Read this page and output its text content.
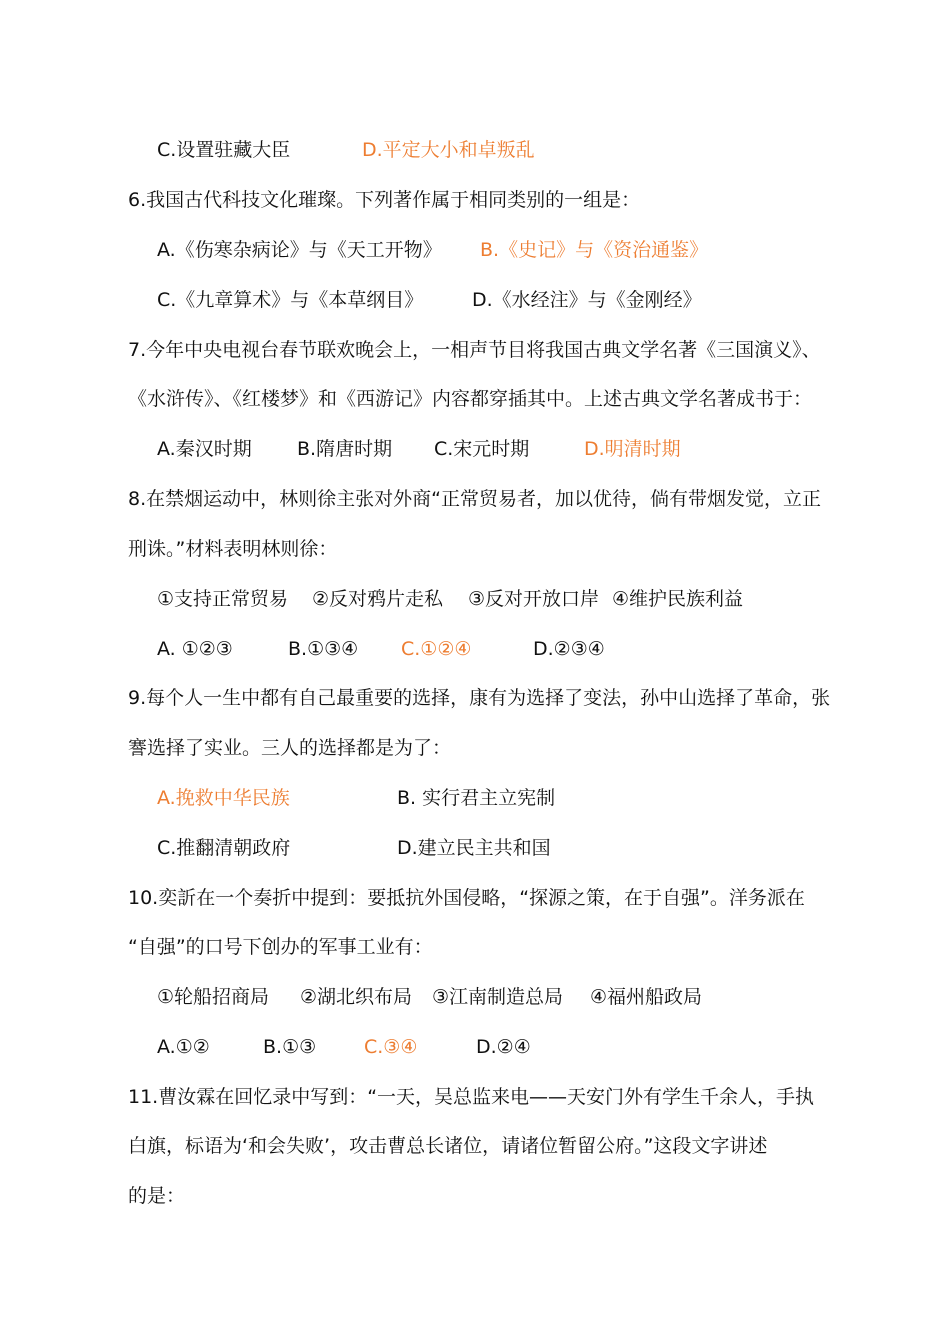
C.设置驻藏大臣	D.平定大小和卓叛乱
6.我国古代科技文化璀璨。下列著作属于相同类别的一组是：
A.《伤寒杂病论》与《天工开物》 B.《史记》与《资治通鉴》
C.《九章算术》与《本草纲目》	D.《水经注》与《金刚经》
7.今年中央电视台春节联欢晚会上，一相声节目将我国古典文学名著《三国演义》、
《水浒传》、《红楼梦》和《西游记》内容都穿插其中。上述古典文学名著成书于：
A.秦汉时期 B.隋唐时期 C.宋元时期	D.明清时期
8.在禁烟运动中，林则徐主张对外商“正常贸易者，加以优待，倘有带烟发觉，立正
刑诛。”材料表明林则徐：
①支持正常贸易 ②反对鸦片走私 ③反对开放口岸 ④维护民族利益
A. ①②③	B.①③④ C.①②④	D.②③④
9.每个人一生中都有自己最重要的选择，康有为选择了变法，孙中山选择了革命，张
謇选择了实业。三人的选择都是为了：
A.挽救中华民族	B. 实行君主立宪制
C.推翻清朝政府	D.建立民主共和国
10.奕訢在一个奏折中提到：要抵抗外国侵略，“探源之策，在于自强”。洋务派在
“自强”的口号下创办的军事工业有：
①轮船招商局 ②湖北织布局 ③江南制造总局 ④福州船政局
A.①②	B.①③	C.③④	D.②④
11.曹汝霖在回忆录中写到：“一天，吴总监来电——天安门外有学生千余人，手执
白旗，标语为‘和会失败’，攻击曹总长诸位，请诸位暂留公府。”这段文字讲述
的是：
